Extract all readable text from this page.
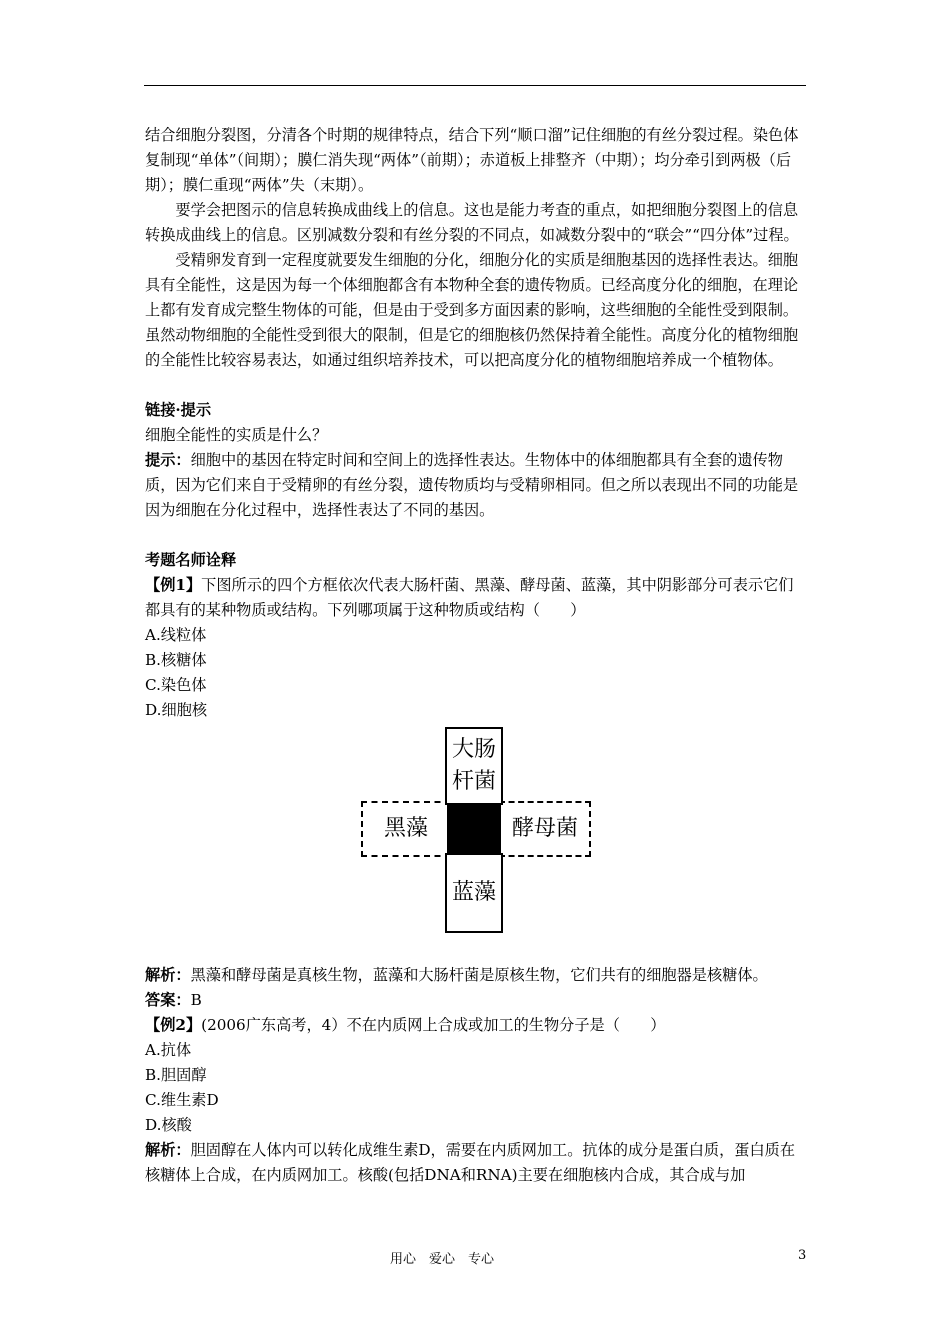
结合细胞分裂图，分清各个时期的规律特点，结合下列“顺口溜”记住细胞的有丝分裂过程。染色体复制现“单体”（间期）；膜仁消失现“两体”（前期）；赤道板上排整齐（中期）；均分牵引到两极（后期）；膜仁重现“两体”失（末期）。

要学会把图示的信息转换成曲线上的信息。这也是能力考查的重点，如把细胞分裂图上的信息转换成曲线上的信息。区别减数分裂和有丝分裂的不同点，如减数分裂中的“联会”“四分体”过程。

受精卵发育到一定程度就要发生细胞的分化，细胞分化的实质是细胞基因的选择性表达。细胞具有全能性，这是因为每一个体细胞都含有本物种全套的遗传物质。已经高度分化的细胞，在理论上都有发育成完整生物体的可能，但是由于受到多方面因素的影响，这些细胞的全能性受到限制。虽然动物细胞的全能性受到很大的限制，但是它的细胞核仍然保持着全能性。高度分化的植物细胞的全能性比较容易表达，如通过组织培养技术，可以把高度分化的植物细胞培养成一个植物体。

链接·提示

细胞全能性的实质是什么？

提示：细胞中的基因在特定时间和空间上的选择性表达。生物体中的体细胞都具有全套的遗传物质，因为它们来自于受精卵的有丝分裂，遗传物质均与受精卵相同。但之所以表现出不同的功能是因为细胞在分化过程中，选择性表达了不同的基因。

考题名师诠释

【例1】下图所示的四个方框依次代表大肠杆菌、黑藻、酵母菌、蓝藻，其中阴影部分可表示它们都具有的某种物质或结构。下列哪项属于这种物质或结构（　　）

A.线粒体

B.核糖体

C.染色体

D.细胞核

黑藻	酵母菌
大肠
杆菌
蓝藻

解析：黑藻和酵母菌是真核生物，蓝藻和大肠杆菌是原核生物，它们共有的细胞器是核糖体。

答案：B

【例2】(2006广东高考，4）不在内质网上合成或加工的生物分子是（　　）

A.抗体

B.胆固醇

C.维生素D

D.核酸

解析：胆固醇在人体内可以转化成维生素D，需要在内质网加工。抗体的成分是蛋白质，蛋白质在核糖体上合成，在内质网加工。核酸(包括DNA和RNA)主要在细胞核内合成，其合成与加

用心　爱心　专心	3
